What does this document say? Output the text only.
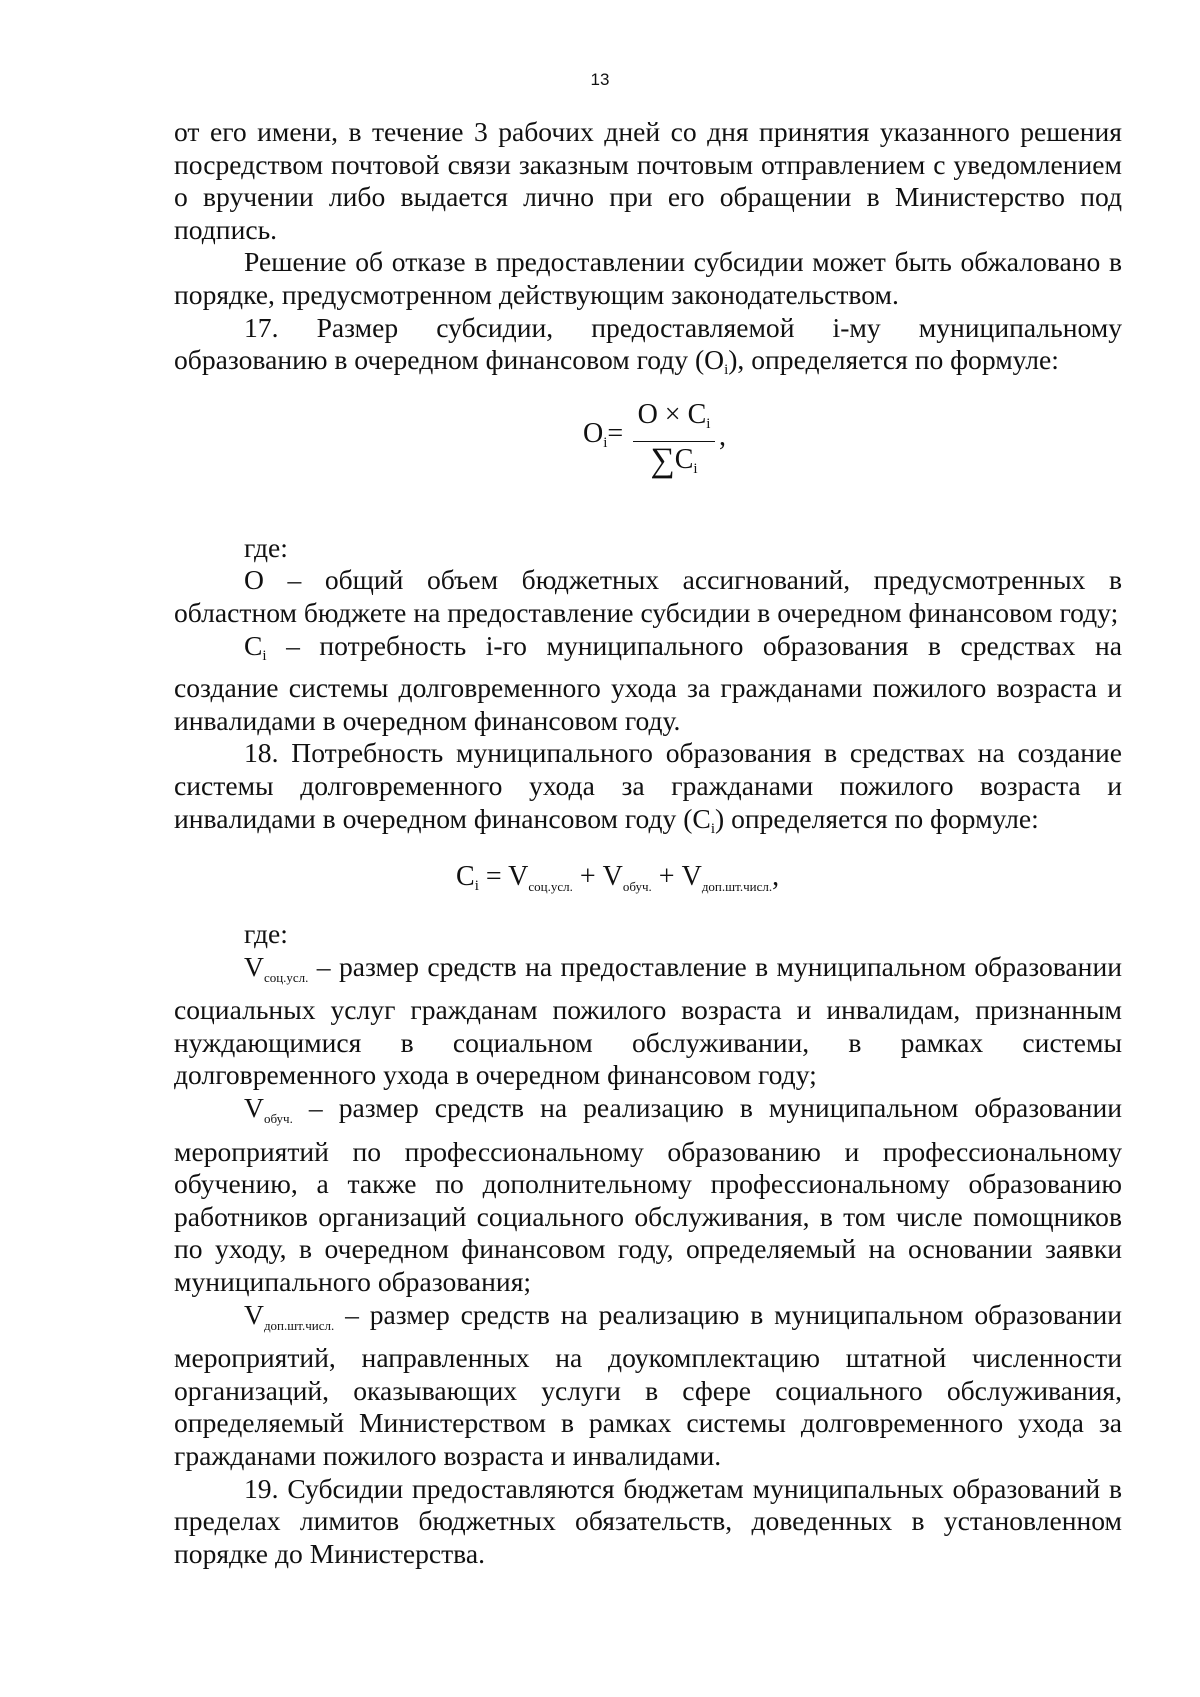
13

от его имени, в течение 3 рабочих дней со дня принятия указанного решения посредством почтовой связи заказным почтовым отправлением с уведомлением о вручении либо выдается лично при его обращении в Министерство под подпись.

Решение об отказе в предоставлении субсидии может быть обжаловано в порядке, предусмотренном действующим законодательством.

17. Размер субсидии, предоставляемой i-му муниципальному образованию в очередном финансовом году $(О_i)$, определяется по формуле:

$O_i=$
$O \times C_i$
$\sum C_i$
,

где:

О – общий объем бюджетных ассигнований, предусмотренных в областном бюджете на предоставление субсидии в очередном финансовом году;

$C_i$ – потребность i-го муниципального образования в средствах на создание системы долговременного ухода за гражданами пожилого возраста и инвалидами в очередном финансовом году.

18. Потребность муниципального образования в средствах на создание системы долговременного ухода за гражданами пожилого возраста и инвалидами в очередном финансовом году $(C_i)$ определяется по формуле:

$C_i = V_{соц.усл.} + V_{обуч.} + V_{доп.шт.числ.}$,

где:

$V_{соц.усл.}$ – размер средств на предоставление в муниципальном образовании социальных услуг гражданам пожилого возраста и инвалидам, признанным нуждающимися в социальном обслуживании, в рамках системы долговременного ухода в очередном финансовом году;

$V_{обуч.}$ – размер средств на реализацию в муниципальном образовании мероприятий по профессиональному образованию и профессиональному обучению, а также по дополнительному профессиональному образованию работников организаций социального обслуживания, в том числе помощников по уходу, в очередном финансовом году, определяемый на основании заявки муниципального образования;

$V_{доп.шт.числ.}$ – размер средств на реализацию в муниципальном образовании мероприятий, направленных на доукомплектацию штатной численности организаций, оказывающих услуги в сфере социального обслуживания, определяемый Министерством в рамках системы долговременного ухода за гражданами пожилого возраста и инвалидами.

19. Субсидии предоставляются бюджетам муниципальных образований в пределах лимитов бюджетных обязательств, доведенных в установленном порядке до Министерства.
